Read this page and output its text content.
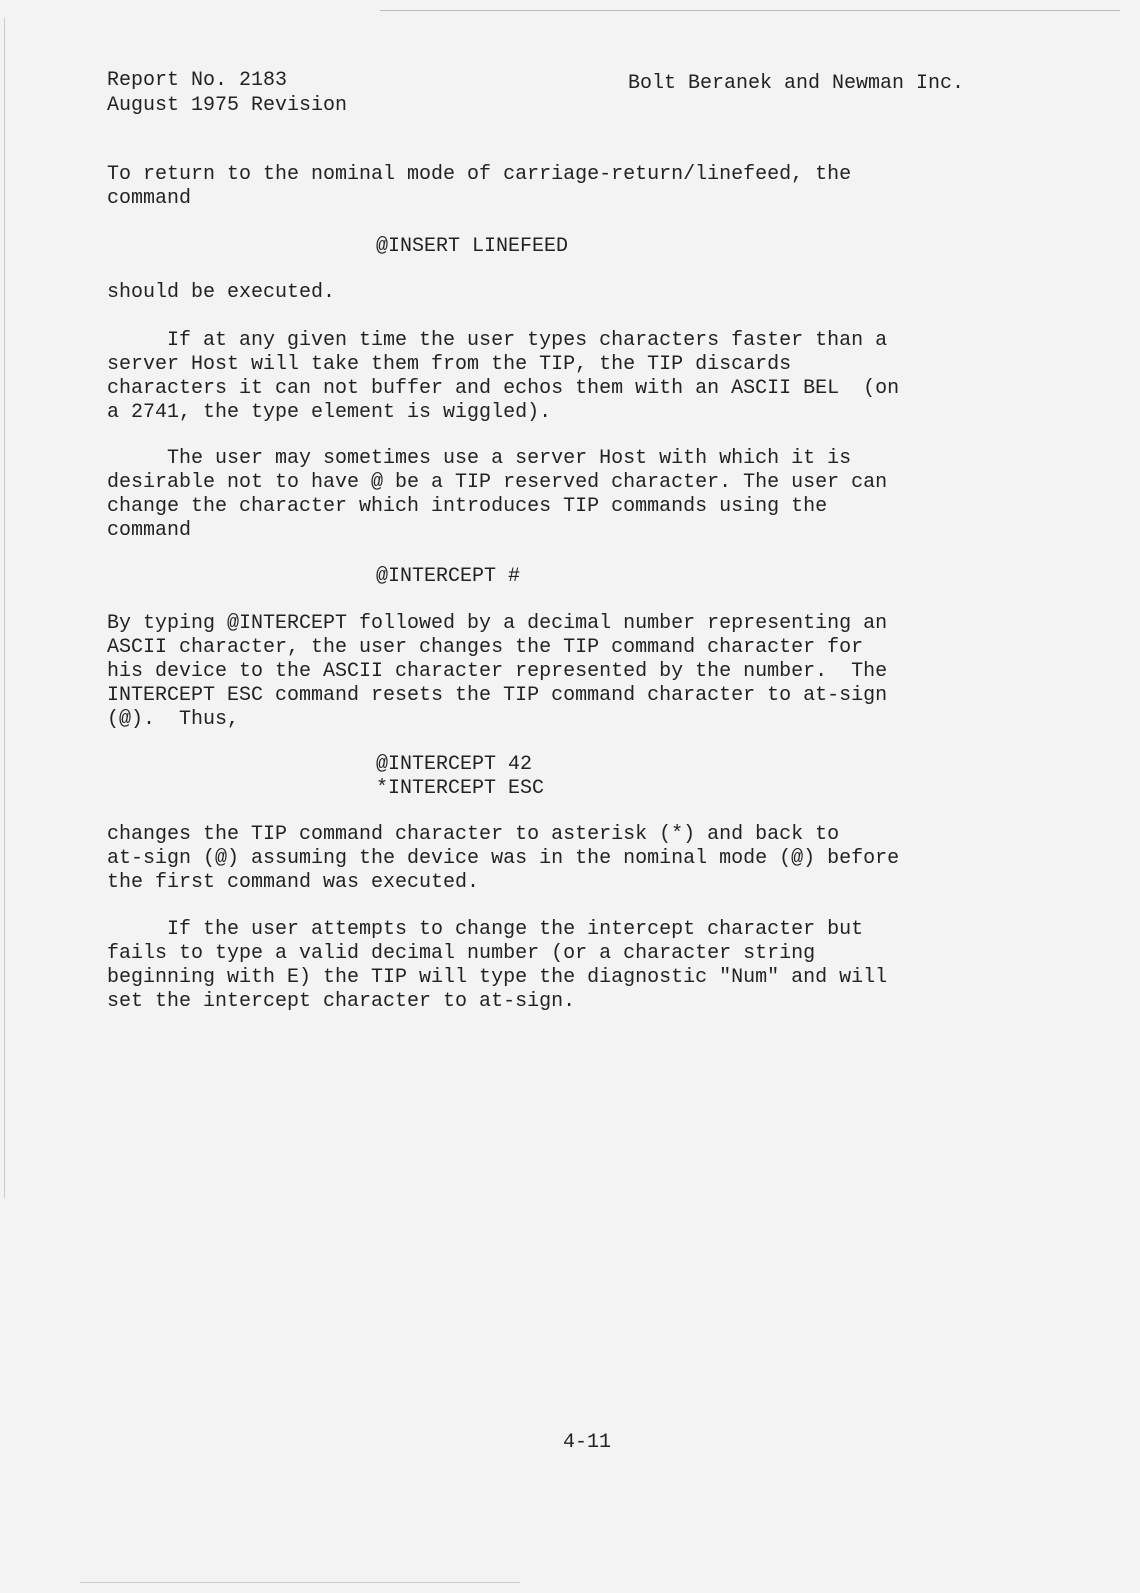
Report No. 2183
August 1975 Revision
Bolt Beranek and Newman Inc.
To return to the nominal mode of carriage-return/linefeed, the
command
@INSERT LINEFEED
should be executed.
If at any given time the user types characters faster than a
server Host will take them from the TIP, the TIP discards
characters it can not buffer and echos them with an ASCII BEL  (on
a 2741, the type element is wiggled).
The user may sometimes use a server Host with which it is
desirable not to have @ be a TIP reserved character. The user can
change the character which introduces TIP commands using the
command
@INTERCEPT #
By typing @INTERCEPT followed by a decimal number representing an
ASCII character, the user changes the TIP command character for
his device to the ASCII character represented by the number.  The
INTERCEPT ESC command resets the TIP command character to at-sign
(@).  Thus,
@INTERCEPT 42
*INTERCEPT ESC
changes the TIP command character to asterisk (*) and back to
at-sign (@) assuming the device was in the nominal mode (@) before
the first command was executed.
If the user attempts to change the intercept character but
fails to type a valid decimal number (or a character string
beginning with E) the TIP will type the diagnostic "Num" and will
set the intercept character to at-sign.
4-11
